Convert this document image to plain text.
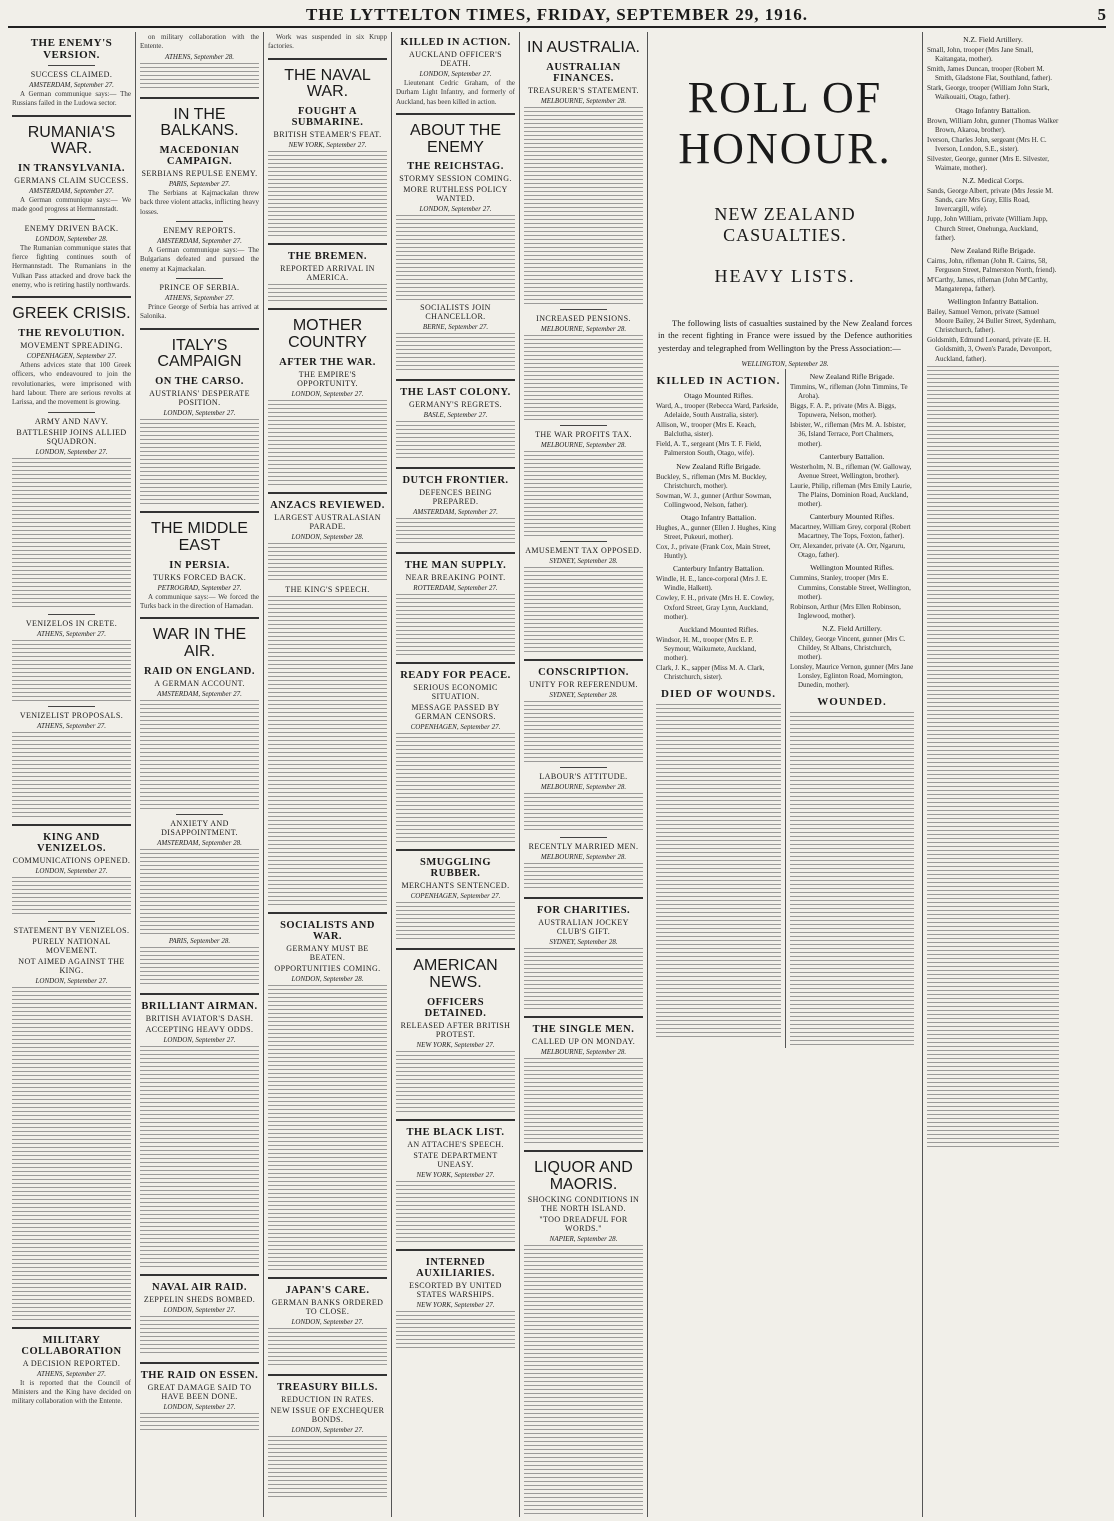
THE LYTTELTON TIMES, FRIDAY, SEPTEMBER 29, 1916.	5
THE ENEMY'S VERSION.
SUCCESS CLAIMED.
AMSTERDAM, September 27.

A German communique says:— The Russians failed in the Ludowa sector.

RUMANIA'S WAR.
IN TRANSYLVANIA.
GERMANS CLAIM SUCCESS.
AMSTERDAM, September 27.

A German communique says:— We made good progress at Hermannstadt.

ENEMY DRIVEN BACK.
LONDON, September 28.

The Rumanian communique states that fierce fighting continues south of Hermannstadt. The Rumanians in the Vulkan Pass attacked and drove back the enemy, who is retiring hastily northwards.

GREEK CRISIS.
THE REVOLUTION.
MOVEMENT SPREADING.
COPENHAGEN, September 27.

Athens advices state that 100 Greek officers, who endeavoured to join the revolutionaries, were imprisoned with hard labour. There are serious revolts at Larissa, and the movement is growing.

ARMY AND NAVY.
BATTLESHIP JOINS ALLIED SQUADRON.
LONDON, September 27.
VENIZELOS IN CRETE.
ATHENS, September 27.
VENIZELIST PROPOSALS.
ATHENS, September 27.
KING AND VENIZELOS.
COMMUNICATIONS OPENED.
LONDON, September 27.
STATEMENT BY VENIZELOS.
PURELY NATIONAL MOVEMENT.
NOT AIMED AGAINST THE KING.
LONDON, September 27.
MILITARY COLLABORATION
A DECISION REPORTED.
ATHENS, September 27.

It is reported that the Council of Ministers and the King have decided on military collaboration with the Entente.

on military collaboration with the Entente.

ATHENS, September 28.
IN THE BALKANS.
MACEDONIAN CAMPAIGN.
SERBIANS REPULSE ENEMY.
PARIS, September 27.

The Serbians at Kajmackalan threw back three violent attacks, inflicting heavy losses.

ENEMY REPORTS.
AMSTERDAM, September 27.

A German communique says:— The Bulgarians defeated and pursued the enemy at Kajmackalan.

PRINCE OF SERBIA.
ATHENS, September 27.

Prince George of Serbia has arrived at Salonika.

ITALY'S CAMPAIGN
ON THE CARSO.
AUSTRIANS' DESPERATE POSITION.
LONDON, September 27.
THE MIDDLE EAST
IN PERSIA.
TURKS FORCED BACK.
PETROGRAD, September 27.

A communique says:— We forced the Turks back in the direction of Hamadan.

WAR IN THE AIR.
RAID ON ENGLAND.
A GERMAN ACCOUNT.
AMSTERDAM, September 27.
ANXIETY AND DISAPPOINTMENT.
AMSTERDAM, September 28.
PARIS, September 28.
BRILLIANT AIRMAN.
BRITISH AVIATOR'S DASH.
ACCEPTING HEAVY ODDS.
LONDON, September 27.
NAVAL AIR RAID.
ZEPPELIN SHEDS BOMBED.
LONDON, September 27.
THE RAID ON ESSEN.
GREAT DAMAGE SAID TO HAVE BEEN DONE.
LONDON, September 27.

Work was suspended in six Krupp factories.

THE NAVAL WAR.
FOUGHT A SUBMARINE.
BRITISH STEAMER'S FEAT.
NEW YORK, September 27.
THE BREMEN.
REPORTED ARRIVAL IN AMERICA.
MOTHER COUNTRY
AFTER THE WAR.
THE EMPIRE'S OPPORTUNITY.
LONDON, September 27.
ANZACS REVIEWED.
LARGEST AUSTRALASIAN PARADE.
LONDON, September 28.
THE KING'S SPEECH.
SOCIALISTS AND WAR.
GERMANY MUST BE BEATEN.
OPPORTUNITIES COMING.
LONDON, September 28.
JAPAN'S CARE.
GERMAN BANKS ORDERED TO CLOSE.
LONDON, September 27.
TREASURY BILLS.
REDUCTION IN RATES.
NEW ISSUE OF EXCHEQUER BONDS.
LONDON, September 27.
KILLED IN ACTION.
AUCKLAND OFFICER'S DEATH.
LONDON, September 27.

Lieutenant Cedric Graham, of the Durham Light Infantry, and formerly of Auckland, has been killed in action.

ABOUT THE ENEMY
THE REICHSTAG.
STORMY SESSION COMING.
MORE RUTHLESS POLICY WANTED.
LONDON, September 27.
SOCIALISTS JOIN CHANCELLOR.
BERNE, September 27.
THE LAST COLONY.
GERMANY'S REGRETS.
BASLE, September 27.
DUTCH FRONTIER.
DEFENCES BEING PREPARED.
AMSTERDAM, September 27.
THE MAN SUPPLY.
NEAR BREAKING POINT.
ROTTERDAM, September 27.
READY FOR PEACE.
SERIOUS ECONOMIC SITUATION.
MESSAGE PASSED BY GERMAN CENSORS.
COPENHAGEN, September 27.
SMUGGLING RUBBER.
MERCHANTS SENTENCED.
COPENHAGEN, September 27.
AMERICAN NEWS.
OFFICERS DETAINED.
RELEASED AFTER BRITISH PROTEST.
NEW YORK, September 27.
THE BLACK LIST.
AN ATTACHE'S SPEECH.
STATE DEPARTMENT UNEASY.
NEW YORK, September 27.
INTERNED AUXILIARIES.
ESCORTED BY UNITED STATES WARSHIPS.
NEW YORK, September 27.
IN AUSTRALIA.
AUSTRALIAN FINANCES.
TREASURER'S STATEMENT.
MELBOURNE, September 28.
INCREASED PENSIONS.
MELBOURNE, September 28.
THE WAR PROFITS TAX.
MELBOURNE, September 28.
AMUSEMENT TAX OPPOSED.
SYDNEY, September 28.
CONSCRIPTION.
UNITY FOR REFERENDUM.
SYDNEY, September 28.
LABOUR'S ATTITUDE.
MELBOURNE, September 28.
RECENTLY MARRIED MEN.
MELBOURNE, September 28.
FOR CHARITIES.
AUSTRALIAN JOCKEY CLUB'S GIFT.
SYDNEY, September 28.
THE SINGLE MEN.
CALLED UP ON MONDAY.
MELBOURNE, September 28.
LIQUOR AND MAORIS.
SHOCKING CONDITIONS IN THE NORTH ISLAND.
"TOO DREADFUL FOR WORDS."
NAPIER, September 28.
ROLL OF HONOUR.
NEW ZEALAND CASUALTIES.
HEAVY LISTS.

The following lists of casualties sustained by the New Zealand forces in the recent fighting in France were issued by the Defence authorities yesterday and telegraphed from Wellington by the Press Association:—

WELLINGTON, September 28.
KILLED IN ACTION.
Otago Mounted Rifles.
Ward, A., trooper (Rebecca Ward, Parkside, Adelaide, South Australia, sister).
Allison, W., trooper (Mrs E. Keach, Balclutha, sister).
Field, A. T., sergeant (Mrs T. F. Field, Palmerston South, Otago, wife).
New Zealand Rifle Brigade.
Buckley, S., rifleman (Mrs M. Buckley, Christchurch, mother).
Sowman, W. J., gunner (Arthur Sowman, Collingwood, Nelson, father).
Otago Infantry Battalion.
Hughes, A., gunner (Ellen J. Hughes, King Street, Pukeuri, mother).
Cox, J., private (Frank Cox, Main Street, Huntly).
Canterbury Infantry Battalion.
Windle, H. E., lance-corporal (Mrs J. E. Windle, Halkett).
Cowley, F. H., private (Mrs H. E. Cowley, Oxford Street, Gray Lynn, Auckland, mother).
Auckland Mounted Rifles.
Windsor, H. M., trooper (Mrs E. P. Seymour, Waikumete, Auckland, mother).
Clark, J. K., sapper (Miss M. A. Clark, Christchurch, sister).
DIED OF WOUNDS.
New Zealand Rifle Brigade.
Timmins, W., rifleman (John Timmins, Te Aroha).
Biggs, F. A. P., private (Mrs A. Biggs, Topuwera, Nelson, mother).
Isbister, W., rifleman (Mrs M. A. Isbister, 36, Island Terrace, Port Chalmers, mother).
Canterbury Battalion.
Westerholm, N. B., rifleman (W. Galloway, Avenue Street, Wellington, brother).
Laurie, Philip, rifleman (Mrs Emily Laurie, The Plains, Dominion Road, Auckland, mother).
Canterbury Mounted Rifles.
Macartney, William Grey, corporal (Robert Macartney, The Tops, Foxton, father).
Orr, Alexander, private (A. Orr, Ngaruru, Otago, father).
Wellington Mounted Rifles.
Cummins, Stanley, trooper (Mrs E. Cummins, Constable Street, Wellington, mother).
Robinson, Arthur (Mrs Ellen Robinson, Inglewood, mother).
N.Z. Field Artillery.
Childey, George Vincent, gunner (Mrs C. Childey, St Albans, Christchurch, mother).
Lonsley, Maurice Vernon, gunner (Mrs Jane Lonsley, Eglinton Road, Mornington, Dunedin, mother).
WOUNDED.
N.Z. Field Artillery.
Small, John, trooper (Mrs Jane Small, Kaitangata, mother).
Smith, James Duncan, trooper (Robert M. Smith, Gladstone Flat, Southland, father).
Stark, George, trooper (William John Stark, Waikouaiti, Otago, father).
Otago Infantry Battalion.
Brown, William John, gunner (Thomas Walker Brown, Akaroa, brother).
Iverson, Charles John, sergeant (Mrs H. C. Iverson, London, S.E., sister).
Silvester, George, gunner (Mrs E. Silvester, Waimate, mother).
N.Z. Medical Corps.
Sands, George Albert, private (Mrs Jessie M. Sands, care Mrs Gray, Ellis Road, Invercargill, wife).
Jupp, John William, private (William Jupp, Church Street, Onehunga, Auckland, father).
New Zealand Rifle Brigade.
Cairns, John, rifleman (John R. Cairns, 58, Ferguson Street, Palmerston North, friend).
M'Carthy, James, rifleman (John M'Carthy, Mangaterepa, father).
Wellington Infantry Battalion.
Bailey, Samuel Vernon, private (Samuel Moore Bailey, 24 Buller Street, Sydenham, Christchurch, father).
Goldsmith, Edmund Leonard, private (E. H. Goldsmith, 3, Owen's Parade, Devonport, Auckland, father).
